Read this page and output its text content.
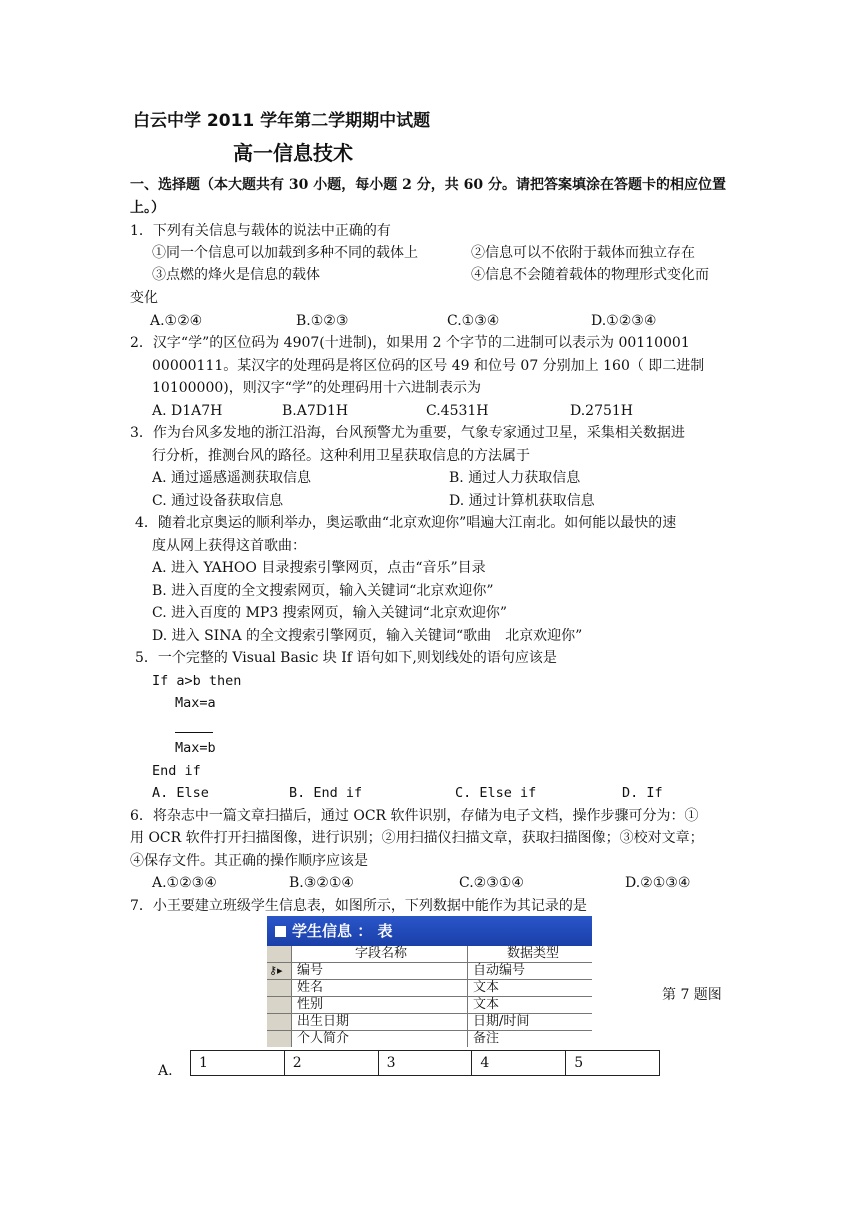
白云中学 2011 学年第二学期期中试题
高一信息技术
一、选择题（本大题共有 30 小题，每小题 2 分，共 60 分。请把答案填涂在答题卡的相应位置
上。）
1．下列有关信息与载体的说法中正确的有
①同一个信息可以加载到多种不同的载体上	②信息可以不依附于载体而独立存在
③点燃的烽火是信息的载体	④信息不会随着载体的物理形式变化而
变化
A.①②④	B.①②③	C.①③④	D.①②③④
2．汉字“学”的区位码为 4907(十进制)，如果用 2 个字节的二进制可以表示为 00110001
00000111。某汉字的处理码是将区位码的区号 49 和位号 07 分别加上 160（ 即二进制
10100000)，则汉字“学”的处理码用十六进制表示为
A. D1A7H	B.A7D1H	C.4531H	D.2751H
3．作为台风多发地的浙江沿海，台风预警尤为重要，气象专家通过卫星，采集相关数据进
行分析，推测台风的路径。这种利用卫星获取信息的方法属于
A. 通过遥感遥测获取信息	B. 通过人力获取信息
C. 通过设备获取信息	D. 通过计算机获取信息
4．随着北京奥运的顺利举办，奥运歌曲“北京欢迎你”唱遍大江南北。如何能以最快的速
度从网上获得这首歌曲：
A. 进入 YAHOO 目录搜索引擎网页，点击“音乐”目录
B. 进入百度的全文搜索网页，输入关键词“北京欢迎你”
C. 进入百度的 MP3 搜索网页，输入关键词“北京欢迎你”
D. 进入 SINA 的全文搜索引擎网页，输入关键词“歌曲　北京欢迎你”
5．一个完整的 Visual Basic 块 If 语句如下,则划线处的语句应该是
If a>b then
Max=a
Max=b
End if
A. Else	B. End if	C. Else if	D. If
6．将杂志中一篇文章扫描后，通过 OCR 软件识别，存储为电子文档，操作步骤可分为：①
用 OCR 软件打开扫描图像，进行识别；②用扫描仪扫描文章，获取扫描图像；③校对文章；
④保存文件。其正确的操作顺序应该是
A.①②③④	B.③②①④	C.②③①④	D.②①③④
7．小王要建立班级学生信息表，如图所示，下列数据中能作为其记录的是
学生信息 ： 表
字段名称	数据类型
⚷▸ 编号	自动编号
姓名	文本
性别	文本
出生日期	日期/时间
个人简介	备注
第 7 题图
A.	1	2	3	4	5
